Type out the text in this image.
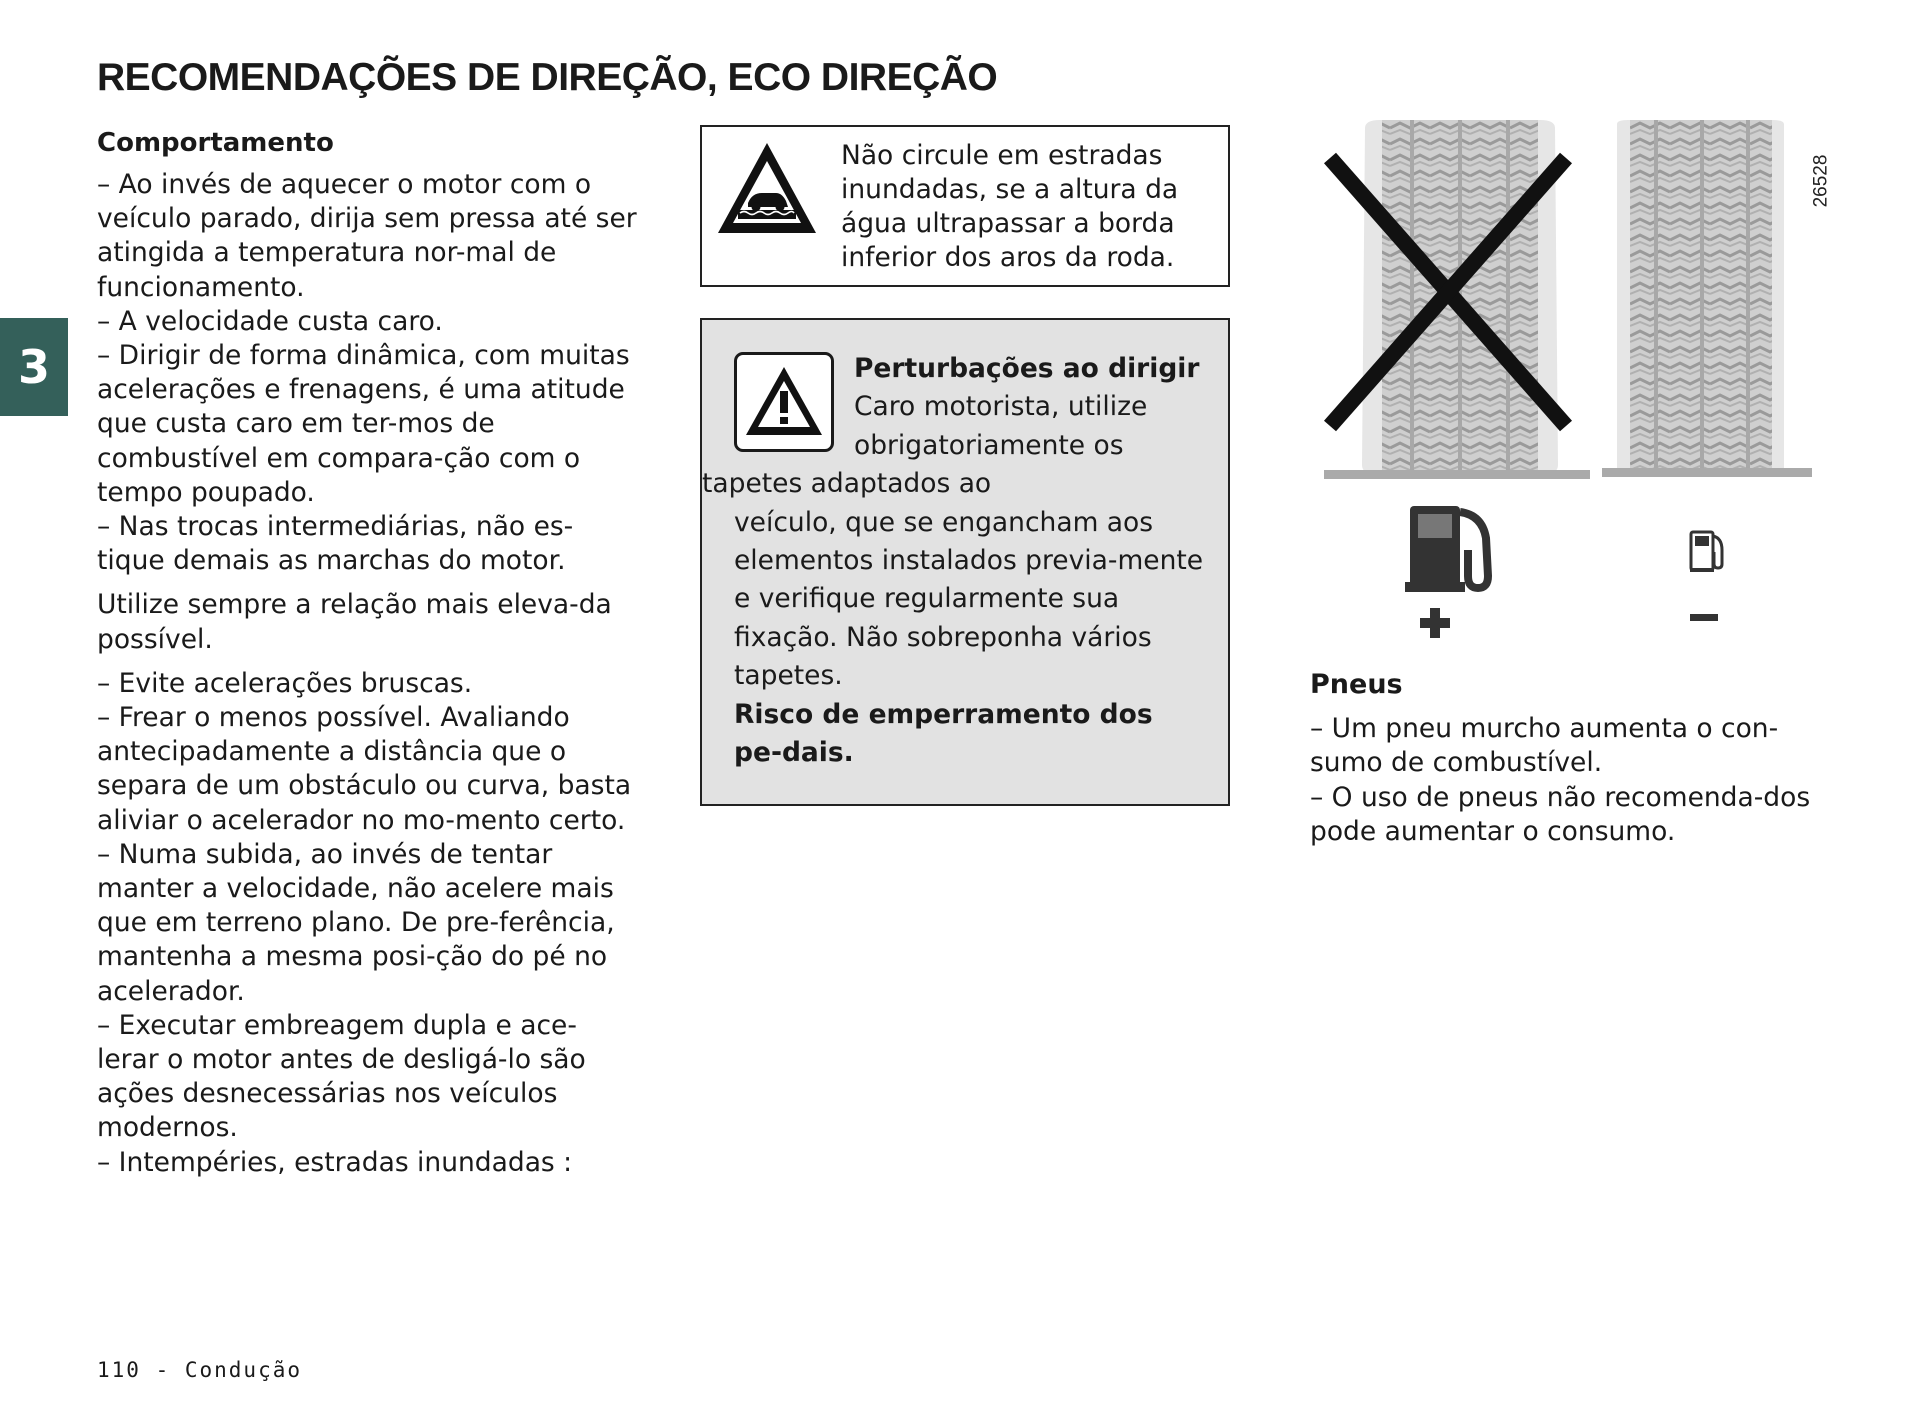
RECOMENDAÇÕES DE DIREÇÃO, ECO DIREÇÃO
3
Comportamento

– Ao invés de aquecer o motor com o veículo parado, dirija sem pressa até ser atingida a temperatura nor-mal de funcionamento.

– A velocidade custa caro.

– Dirigir de forma dinâmica, com muitas acelerações e frenagens, é uma atitude que custa caro em ter-mos de combustível em compara-ção com o tempo poupado.

– Nas trocas intermediárias, não es-tique demais as marchas do motor.

Utilize sempre a relação mais eleva-da possível.

– Evite acelerações bruscas.

– Frear o menos possível. Avaliando antecipadamente a distância que o separa de um obstáculo ou curva, basta aliviar o acelerador no mo-mento certo.

– Numa subida, ao invés de tentar manter a velocidade, não acelere mais que em terreno plano. De pre-ferência, mantenha a mesma posi-ção do pé no acelerador.

– Executar embreagem dupla e ace-lerar o motor antes de desligá-lo são ações desnecessárias nos veículos modernos.

– Intempéries, estradas inundadas :

Não circule em estradas inundadas, se a altura da água ultrapassar a borda inferior dos aros da roda.
Perturbações ao dirigir
Caro motorista, utilize obrigatoriamente os tapetes adaptados ao
veículo, que se engancham aos elementos instalados previa-mente e verifique regularmente sua fixação. Não sobreponha vários tapetes.
Risco de emperramento dos pe-dais.
26528
Pneus

– Um pneu murcho aumenta o con-sumo de combustível.

– O uso de pneus não recomenda-dos pode aumentar o consumo.

110 - Condução
